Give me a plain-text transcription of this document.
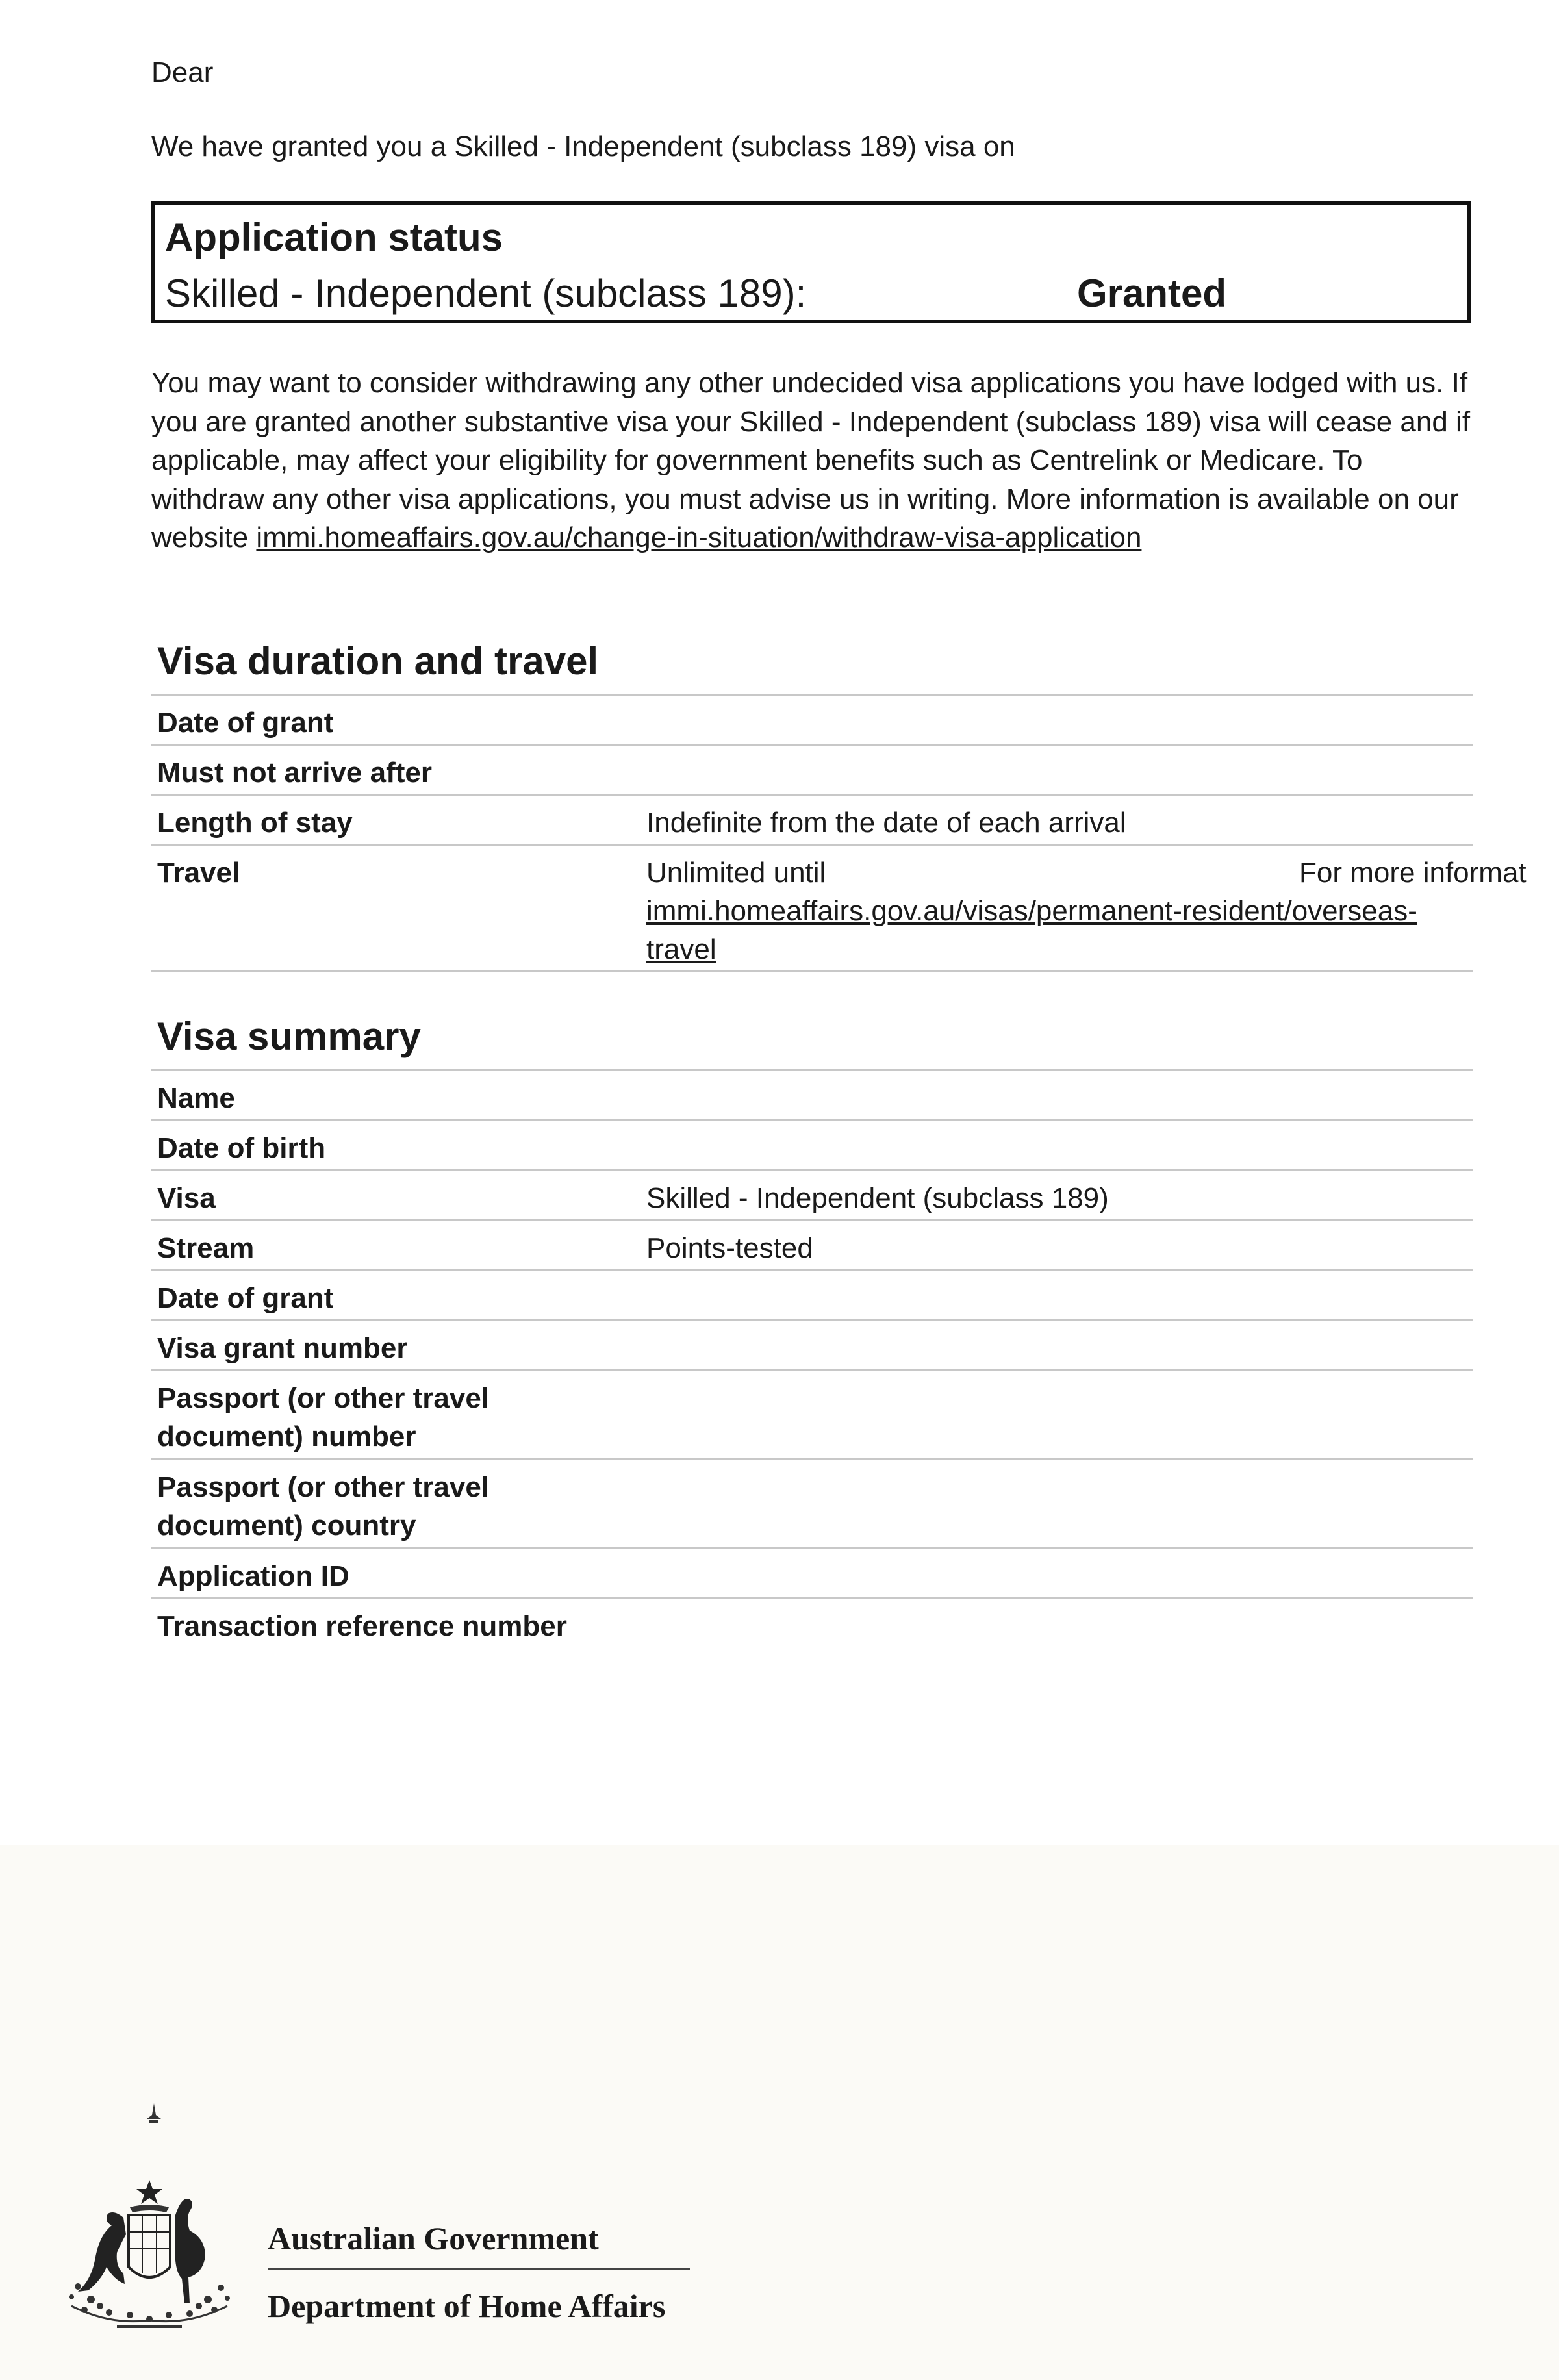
Dear
We have granted you a Skilled - Independent (subclass 189) visa on
Application status
Skilled - Independent (subclass 189):	Granted
You may want to consider withdrawing any other undecided visa applications you have lodged with us. If you are granted another substantive visa your Skilled - Independent (subclass 189) visa will cease and if applicable, may affect your eligibility for government benefits such as Centrelink or Medicare. To withdraw any other visa applications, you must advise us in writing. More information is available on our website immi.homeaffairs.gov.au/change-in-situation/withdraw-visa-application
Visa duration and travel
Date of grant
Must not arrive after
Length of stay	Indefinite from the date of each arrival
Travel	Unlimited until
immi.homeaffairs.gov.au/visas/permanent-resident/overseas-travel
For more informat
Visa summary
Name
Date of birth
Visa	Skilled - Independent (subclass 189)
Stream	Points-tested
Date of grant
Visa grant number
Passport (or other travel document) number
Passport (or other travel document) country
Application ID
Transaction reference number
Australian Government
Department of Home Affairs
